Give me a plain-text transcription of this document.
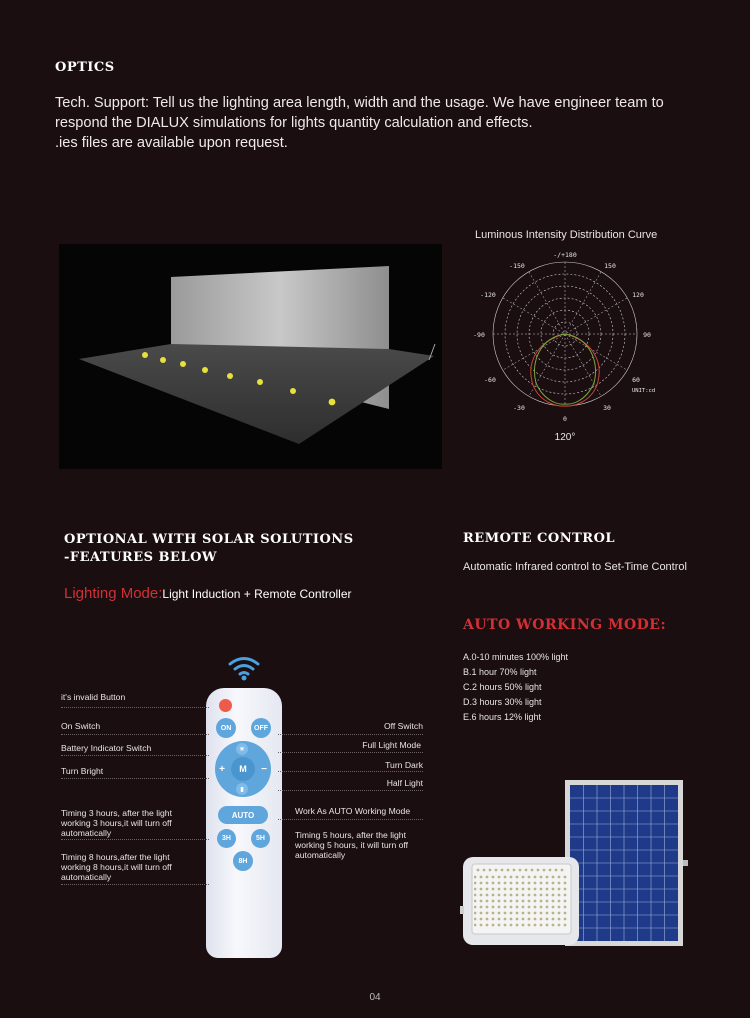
OPTICS
Tech. Support: Tell us the lighting area length, width and the usage. We have engineer team to
respond the DIALUX simulations for lights quantity calculation and effects.
.ies files are available upon request.
Luminous Intensity Distribution Curve
-/+180
-150	150
-120	120
-90	90
-60	60
-30	30
0
UNIT:cd
120°
OPTIONAL WITH SOLAR SOLUTIONS
-FEATURES BELOW
Lighting Mode:Light Induction + Remote Controller
REMOTE CONTROL
Automatic Infrared control to Set-Time Control
AUTO WORKING MODE:
A.0-10 minutes 100% light
B.1 hour 70% light
C.2 hours 50% light
D.3 hours 30% light
E.6 hours 12% light
ON	OFF
☀
▮
+	−
M
AUTO
3H	5H
8H
it's invalid Button
On Switch
Battery Indicator Switch
Turn Bright
Timing 3 hours, after the light working 3 hours,it will turn off automatically
Timing 8 hours,after the light working 8 hours,it will turn off automatically
Off Switch
Full Light Mode
Turn Dark
Half Light
Work As AUTO Working Mode
Timing 5 hours, after the light working 5 hours, it will turn off automatically
04
